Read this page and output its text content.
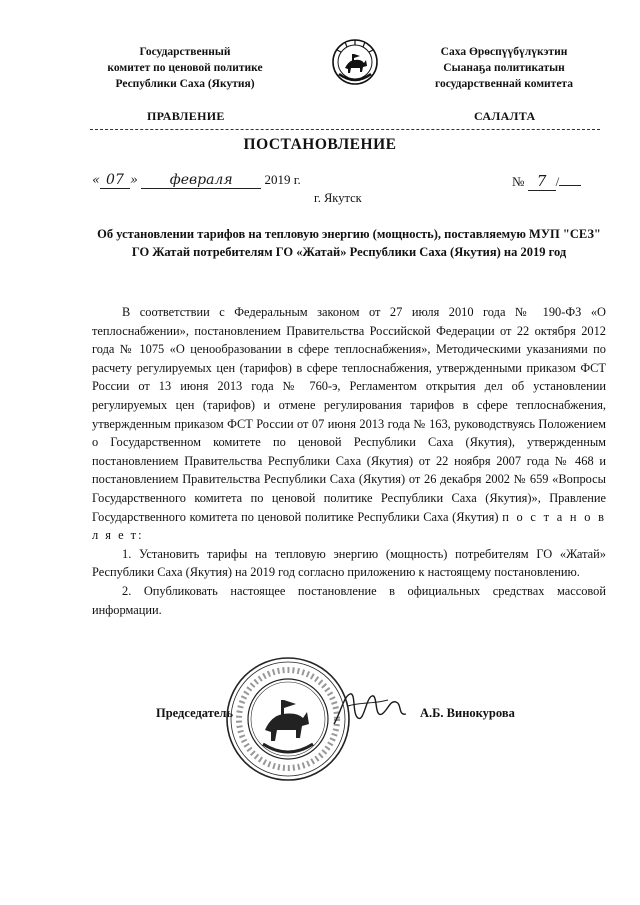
Государственный
комитет по ценовой политике
Республики Саха (Якутия)
Саха Өрөспүүбүлүкэтин
Сыанаҕа политикатын
государственнай комитета
ПРАВЛЕНИЕ	САЛАЛТА
ПОСТАНОВЛЕНИЕ
« 07 » февраля 2019 г.	№ 7 /
г. Якутск
Об установлении тарифов на тепловую энергию (мощность), поставляемую МУП "СЕЗ" ГО Жатай потребителям ГО «Жатай» Республики Саха (Якутия) на 2019 год

В соответствии с Федеральным законом от 27 июля 2010 года № 190-ФЗ «О теплоснабжении», постановлением Правительства Российской Федерации от 22 октября 2012 года № 1075 «О ценообразовании в сфере теплоснабжения», Методическими указаниями по расчету регулируемых цен (тарифов) в сфере теплоснабжения, утвержденными приказом ФСТ России от 13 июня 2013 года № 760-э, Регламентом открытия дел об установлении регулируемых цен (тарифов) и отмене регулирования тарифов в сфере теплоснабжения, утвержденным приказом ФСТ России от 07 июня 2013 года № 163, руководствуясь Положением о Государственном комитете по ценовой Республики Саха (Якутия), утвержденным постановлением Правительства Республики Саха (Якутия) от 22 ноября 2007 года № 468 и постановлением Правительства Республики Саха (Якутия) от 26 декабря 2002 № 659 «Вопросы Государственного комитета по ценовой политике Республики Саха (Якутия)», Правление Государственного комитета по ценовой политике Республики Саха (Якутия) п о с т а н о в л я е т:

1. Установить тарифы на тепловую энергию (мощность) потребителям ГО «Жатай» Республики Саха (Якутия) на 2019 год согласно приложению к настоящему постановлению.

2. Опубликовать настоящее постановление в официальных средствах массовой информации.

Председатель	А.Б. Винокурова
